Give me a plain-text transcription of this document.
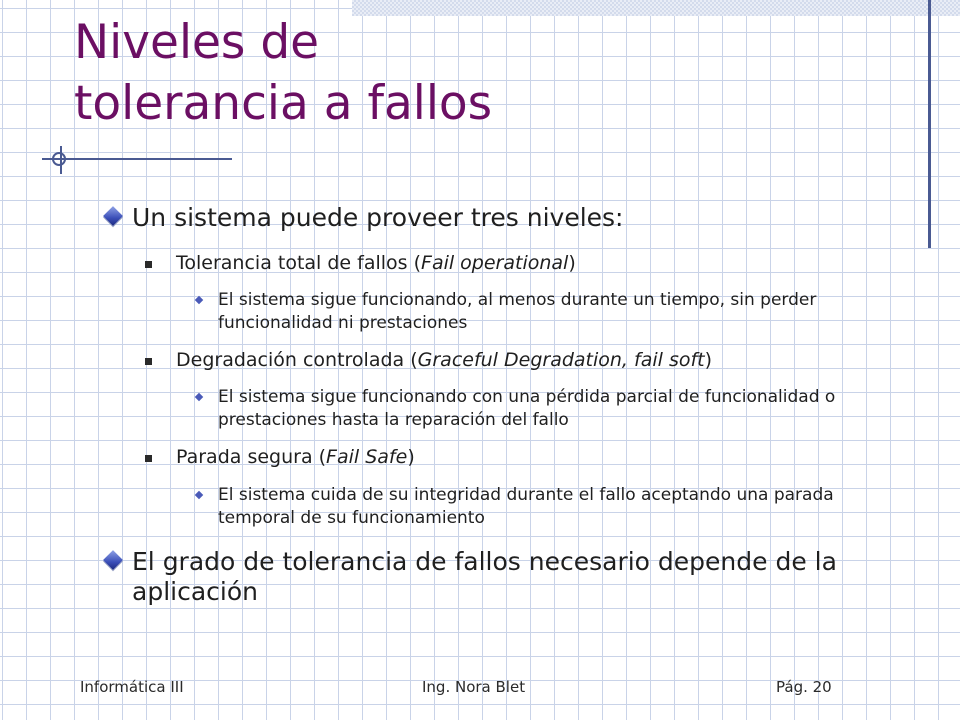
Niveles de
tolerancia a fallos
Un sistema puede proveer tres niveles:
Tolerancia total de fallos (Fail operational)
El sistema sigue funcionando, al menos durante un tiempo, sin perder funcionalidad ni prestaciones
Degradación controlada (Graceful Degradation, fail soft)
El sistema sigue funcionando con una pérdida parcial de funcionalidad o prestaciones hasta la reparación del fallo
Parada segura (Fail Safe)
El sistema cuida de su integridad durante el fallo aceptando una parada temporal de su funcionamiento
El grado de tolerancia de fallos necesario depende de la aplicación
Informática III	Ing. Nora Blet	Pág. 20
